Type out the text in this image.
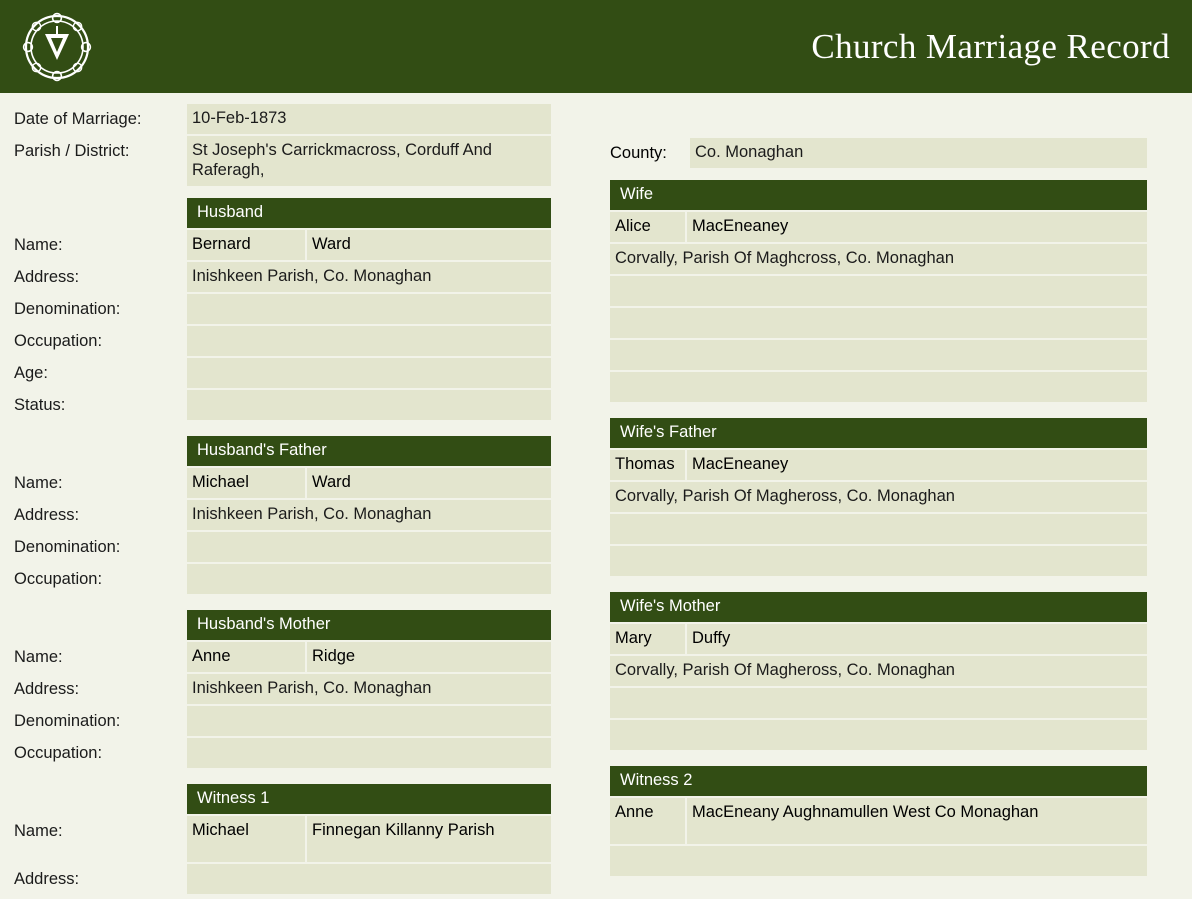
Church Marriage Record
Date of Marriage:	10-Feb-1873
Parish / District:	St Joseph's Carrickmacross, Corduff And Raferagh,
Husband
Name:	Bernard	Ward
Address:	Inishkeen Parish, Co. Monaghan
Denomination:
Occupation:
Age:
Status:
Husband's Father
Name:	Michael	Ward
Address:	Inishkeen Parish, Co. Monaghan
Denomination:
Occupation:
Husband's Mother
Name:	Anne	Ridge
Address:	Inishkeen Parish, Co. Monaghan
Denomination:
Occupation:
Witness 1
Name:	Michael	Finnegan Killanny Parish
Address:
County:	Co. Monaghan
Wife
Alice	MacEneaney
Corvally, Parish Of Maghcross, Co. Monaghan
Wife's Father
Thomas	MacEneaney
Corvally, Parish Of Magheross, Co. Monaghan
Wife's Mother
Mary	Duffy
Corvally, Parish Of Magheross, Co. Monaghan
Witness 2
Anne	MacEneany Aughnamullen West Co Monaghan
